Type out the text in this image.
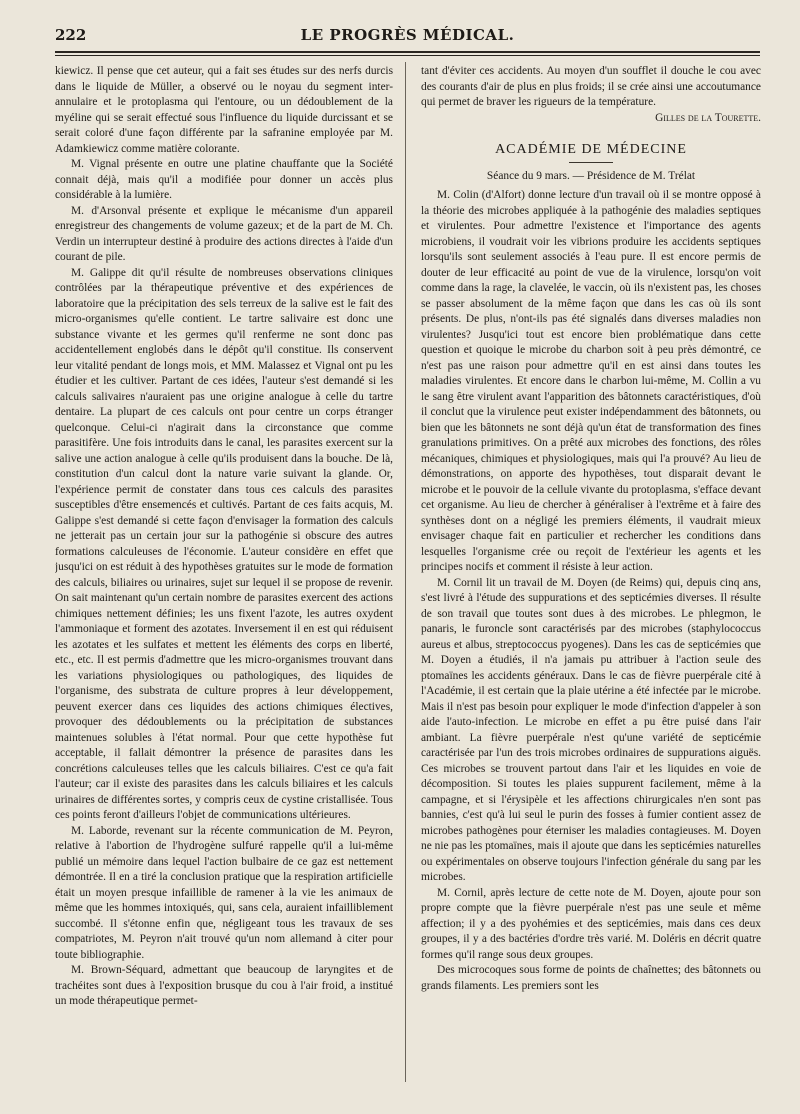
222	LE PROGRÈS MÉDICAL.

kiewicz. Il pense que cet auteur, qui a fait ses études sur des nerfs durcis dans le liquide de Müller, a observé ou le noyau du segment inter-annulaire et le protoplasma qui l'entoure, ou un dédoublement de la myéline qui se serait effectué sous l'influence du liquide durcissant et se serait coloré d'une façon différente par la safranine employée par M. Adamkiewicz comme matière colorante.

M. Vignal présente en outre une platine chauffante que la Société connait déjà, mais qu'il a modifiée pour donner un accès plus considérable à la lumière.

M. d'Arsonval présente et explique le mécanisme d'un appareil enregistreur des changements de volume gazeux; et de la part de M. Ch. Verdin un interrupteur destiné à produire des actions directes à l'aide d'un courant de pile.

M. Galippe dit qu'il résulte de nombreuses observations cliniques contrôlées par la thérapeutique préventive et des expériences de laboratoire que la précipitation des sels terreux de la salive est le fait des micro-organismes qu'elle contient. Le tartre salivaire est donc une substance vivante et les germes qu'il renferme ne sont donc pas accidentellement englobés dans le dépôt qu'il constitue. Ils conservent leur vitalité pendant de longs mois, et MM. Malassez et Vignal ont pu les étudier et les cultiver. Partant de ces idées, l'auteur s'est demandé si les calculs salivaires n'auraient pas une origine analogue à celle du tartre dentaire. La plupart de ces calculs ont pour centre un corps étranger quelconque. Celui-ci n'agirait dans la circonstance que comme parasitifère. Une fois introduits dans le canal, les parasites exercent sur la salive une action analogue à celle qu'ils produisent dans la bouche. De là, constitution d'un calcul dont la nature varie suivant la glande. Or, l'expérience permit de constater dans tous ces calculs des parasites susceptibles d'être ensemencés et cultivés. Partant de ces faits acquis, M. Galippe s'est demandé si cette façon d'envisager la formation des calculs ne jetterait pas un certain jour sur la pathogénie si obscure des autres formations calculeuses de l'économie. L'auteur considère en effet que jusqu'ici on est réduit à des hypothèses gratuites sur le mode de formation des calculs, biliaires ou urinaires, sujet sur lequel il se propose de revenir. On sait maintenant qu'un certain nombre de parasites exercent des actions chimiques nettement définies; les uns fixent l'azote, les autres oxydent l'ammoniaque et forment des azotates. Inversement il en est qui réduisent les azotates et les sulfates et mettent les éléments des corps en liberté, etc., etc. Il est permis d'admettre que les micro-organismes trouvant dans les variations physiologiques ou pathologiques, des liquides de l'organisme, des substrata de culture propres à leur développement, peuvent exercer dans ces liquides des actions chimiques électives, provoquer des dédoublements ou la précipitation de substances maintenues solubles à l'état normal. Pour que cette hypothèse fut acceptable, il fallait démontrer la présence de parasites dans les concrétions calculeuses telles que les calculs biliaires. C'est ce qu'a fait l'auteur; car il existe des parasites dans les calculs biliaires et les calculs urinaires de différentes sortes, y compris ceux de cystine cristallisée. Tous ces points feront d'ailleurs l'objet de communications ultérieures.

M. Laborde, revenant sur la récente communication de M. Peyron, relative à l'abortion de l'hydrogène sulfuré rappelle qu'il a lui-même publié un mémoire dans lequel l'action bulbaire de ce gaz est nettement démontrée. Il en a tiré la conclusion pratique que la respiration artificielle était un moyen presque infaillible de ramener à la vie les animaux de même que les hommes intoxiqués, qui, sans cela, auraient infailliblement succombé. Il s'étonne enfin que, négligeant tous les travaux de ses compatriotes, M. Peyron n'ait trouvé qu'un nom allemand à citer pour toute bibliographie.

M. Brown-Séquard, admettant que beaucoup de laryngites et de trachéites sont dues à l'exposition brusque du cou à l'air froid, a institué un mode thérapeutique permet-

tant d'éviter ces accidents. Au moyen d'un soufflet il douche le cou avec des courants d'air de plus en plus froids; il se crée ainsi une accoutumance qui permet de braver les rigueurs de la température.

Gilles de la Tourette.

ACADÉMIE DE MÉDECINE

Séance du 9 mars. — Présidence de M. Trélat

M. Colin (d'Alfort) donne lecture d'un travail où il se montre opposé à la théorie des microbes appliquée à la pathogénie des maladies septiques et virulentes. Pour admettre l'existence et l'importance des agents microbiens, il voudrait voir les vibrions produire les accidents septiques lorsqu'ils sont seulement associés à l'eau pure. Il est encore permis de douter de leur efficacité au point de vue de la virulence, lorsqu'on voit comme dans la rage, la clavelée, le vaccin, où ils n'existent pas, les choses se passer absolument de la même façon que dans les cas où ils sont présents. De plus, n'ont-ils pas été signalés dans diverses maladies non virulentes? Jusqu'ici tout est encore bien problématique dans cette question et quoique le microbe du charbon soit à peu près démontré, ce n'est pas une raison pour admettre qu'il en est ainsi dans toutes les maladies virulentes. Et encore dans le charbon lui-même, M. Collin a vu le sang être virulent avant l'apparition des bâtonnets caractéristiques, d'où il conclut que la virulence peut exister indépendamment des bâtonnets, ou bien que les bâtonnets ne sont déjà qu'un état de transformation des fines granulations primitives. On a prêté aux microbes des fonctions, des rôles mécaniques, chimiques et physiologiques, mais qui l'a prouvé? Au lieu de démonstrations, on apporte des hypothèses, tout disparait devant le microbe et le pouvoir de la cellule vivante du protoplasma, s'efface devant cet organisme. Au lieu de chercher à généraliser à l'extrême et à faire des synthèses dont on a négligé les premiers éléments, il vaudrait mieux envisager chaque fait en particulier et rechercher les conditions dans lesquelles l'organisme crée ou reçoit de l'extérieur les agents et les principes nocifs et comment il résiste à leur action.

M. Cornil lit un travail de M. Doyen (de Reims) qui, depuis cinq ans, s'est livré à l'étude des suppurations et des septicémies diverses. Il résulte de son travail que toutes sont dues à des microbes. Le phlegmon, le panaris, le furoncle sont caractérisés par des microbes (staphylococcus aureus et albus, streptococcus pyogenes). Dans les cas de septicémies que M. Doyen a étudiés, il n'a jamais pu attribuer à l'action seule des ptomaïnes les accidents généraux. Dans le cas de fièvre puerpérale cité à l'Académie, il est certain que la plaie utérine a été infectée par le microbe. Mais il n'est pas besoin pour expliquer le mode d'infection d'appeler à son aide l'auto-infection. Le microbe en effet a pu être puisé dans l'air ambiant. La fièvre puerpérale n'est qu'une variété de septicémie caractérisée par l'un des trois microbes ordinaires de suppurations aiguës. Ces microbes se trouvent partout dans l'air et les liquides en voie de décomposition. Si toutes les plaies suppurent facilement, même à la campagne, et si l'érysipèle et les affections chirurgicales n'en sont pas bannies, c'est qu'à lui seul le purin des fosses à fumier contient assez de microbes pathogènes pour éterniser les maladies contagieuses. M. Doyen ne nie pas les ptomaïnes, mais il ajoute que dans les septicémies naturelles ou expérimentales on observe toujours l'infection générale du sang par les microbes.

M. Cornil, après lecture de cette note de M. Doyen, ajoute pour son propre compte que la fièvre puerpérale n'est pas une seule et même affection; il y a des pyohémies et des septicémies, mais dans ces deux groupes, il y a des bactéries d'ordre très varié. M. Doléris en décrit quatre formes qu'il range sous deux groupes.

Des microcoques sous forme de points de chaînettes; des bâtonnets ou grands filaments. Les premiers sont les
